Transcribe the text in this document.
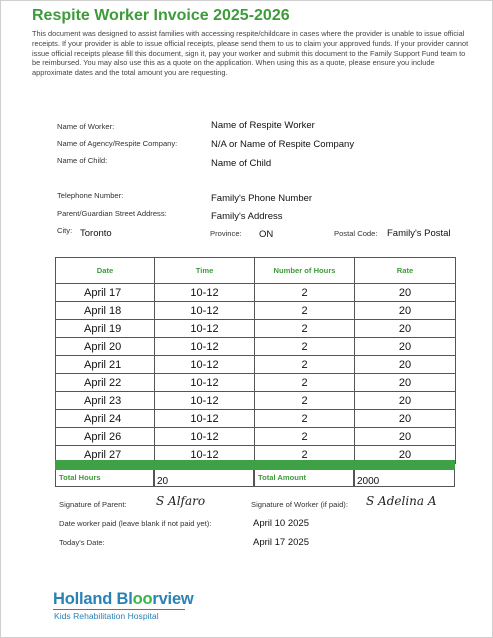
Respite Worker Invoice 2025-2026
This document was designed to assist families with accessing respite/childcare in cases where the provider is unable to issue official receipts. If your provider is able to issue official receipts, please send them to us to claim your approved funds. If your provider cannot issue official receipts please fill this document, sign it, pay your worker and submit this document to the Family Support Fund team to be reimbursed. You may also use this as a quote on the application. When using this as a quote, please ensure you include approximate dates and the total amount you are requesting.
Name of Worker:	Name of Respite Worker
Name of Agency/Respite Company:	N/A or Name of Respite Company
Name of Child:	Name of Child
Telephone Number:	Family's Phone Number
Parent/Guardian Street Address:	Family's Address
City: Toronto	Province: ON	Postal Code: Family's Postal
Date	Time	Number of Hours	Rate
April 17	10-12	2	20
April 18	10-12	2	20
April 19	10-12	2	20
April 20	10-12	2	20
April 21	10-12	2	20
April 22	10-12	2	20
April 23	10-12	2	20
April 24	10-12	2	20
April 26	10-12	2	20
April 27	10-12	2	20
Total Hours	20	Total Amount	2000
Signature of Parent: S Alfaro	Signature of Worker (if paid): S Adelina A
Date worker paid (leave blank if not paid yet):	April 10 2025
Today's Date:	April 17 2025
Holland Bloorview
Kids Rehabilitation Hospital
